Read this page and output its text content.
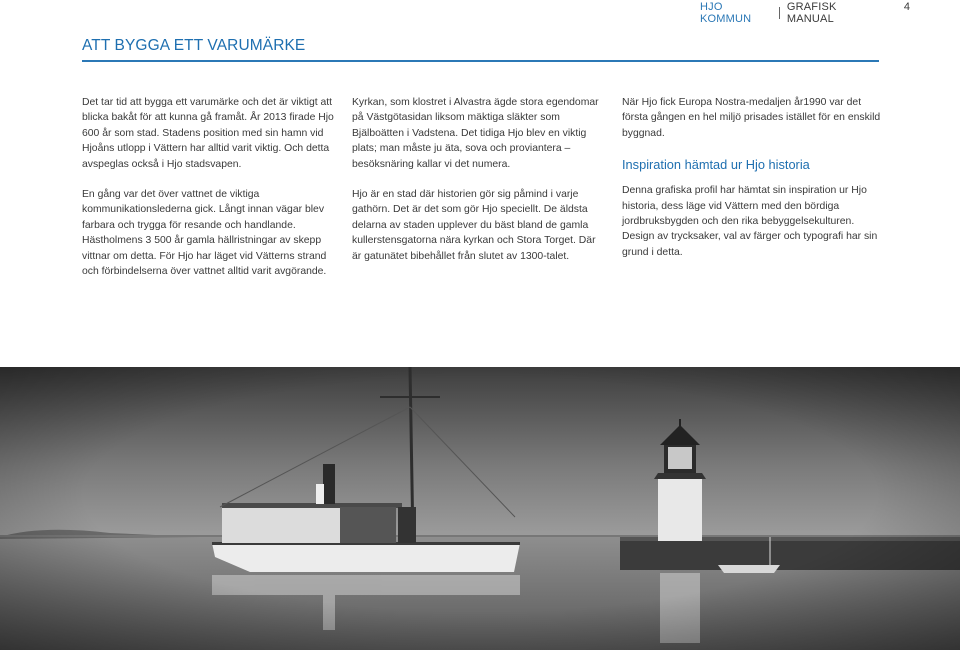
HJO KOMMUN
GRAFISK MANUAL
4
ATT BYGGA ETT VARUMÄRKE

Det tar tid att bygga ett varumärke och det är viktigt att blicka bakåt för att kunna gå framåt. År 2013 firade Hjo 600 år som stad. Stadens position med sin hamn vid Hjoåns utlopp i Vättern har alltid varit viktig. Och detta avspeglas också i Hjo stadsvapen.

En gång var det över vattnet de viktiga kommunikationslederna gick. Långt innan vägar blev farbara och trygga för resande och handlande. Hästholmens 3 500 år gamla hällristningar av skepp vittnar om detta. För Hjo har läget vid Vätterns strand och förbindelserna över vattnet alltid varit avgörande.

Kyrkan, som klostret i Alvastra ägde stora egendomar på Västgötasidan liksom mäktiga släkter som Bjälboätten i Vadstena. Det tidiga Hjo blev en viktig plats; man måste ju äta, sova och proviantera – besöksnäring kallar vi det numera.

Hjo är en stad där historien gör sig påmind i varje gathörn. Det är det som gör Hjo speciellt. De äldsta delarna av staden upplever du bäst bland de gamla kullerstensgatorna nära kyrkan och Stora Torget. Där är gatunätet bibehållet från slutet av 1300-talet.

När Hjo fick Europa Nostra-medaljen år1990 var det första gången en hel miljö prisades istället för en enskild byggnad.

Inspiration hämtad ur Hjo historia

Denna grafiska profil har hämtat sin inspiration ur Hjo historia, dess läge vid Vättern med den bördiga jordbruksbygden och den rika bebyggelsekulturen. Design av trycksaker, val av färger och typografi har sin grund i detta.
